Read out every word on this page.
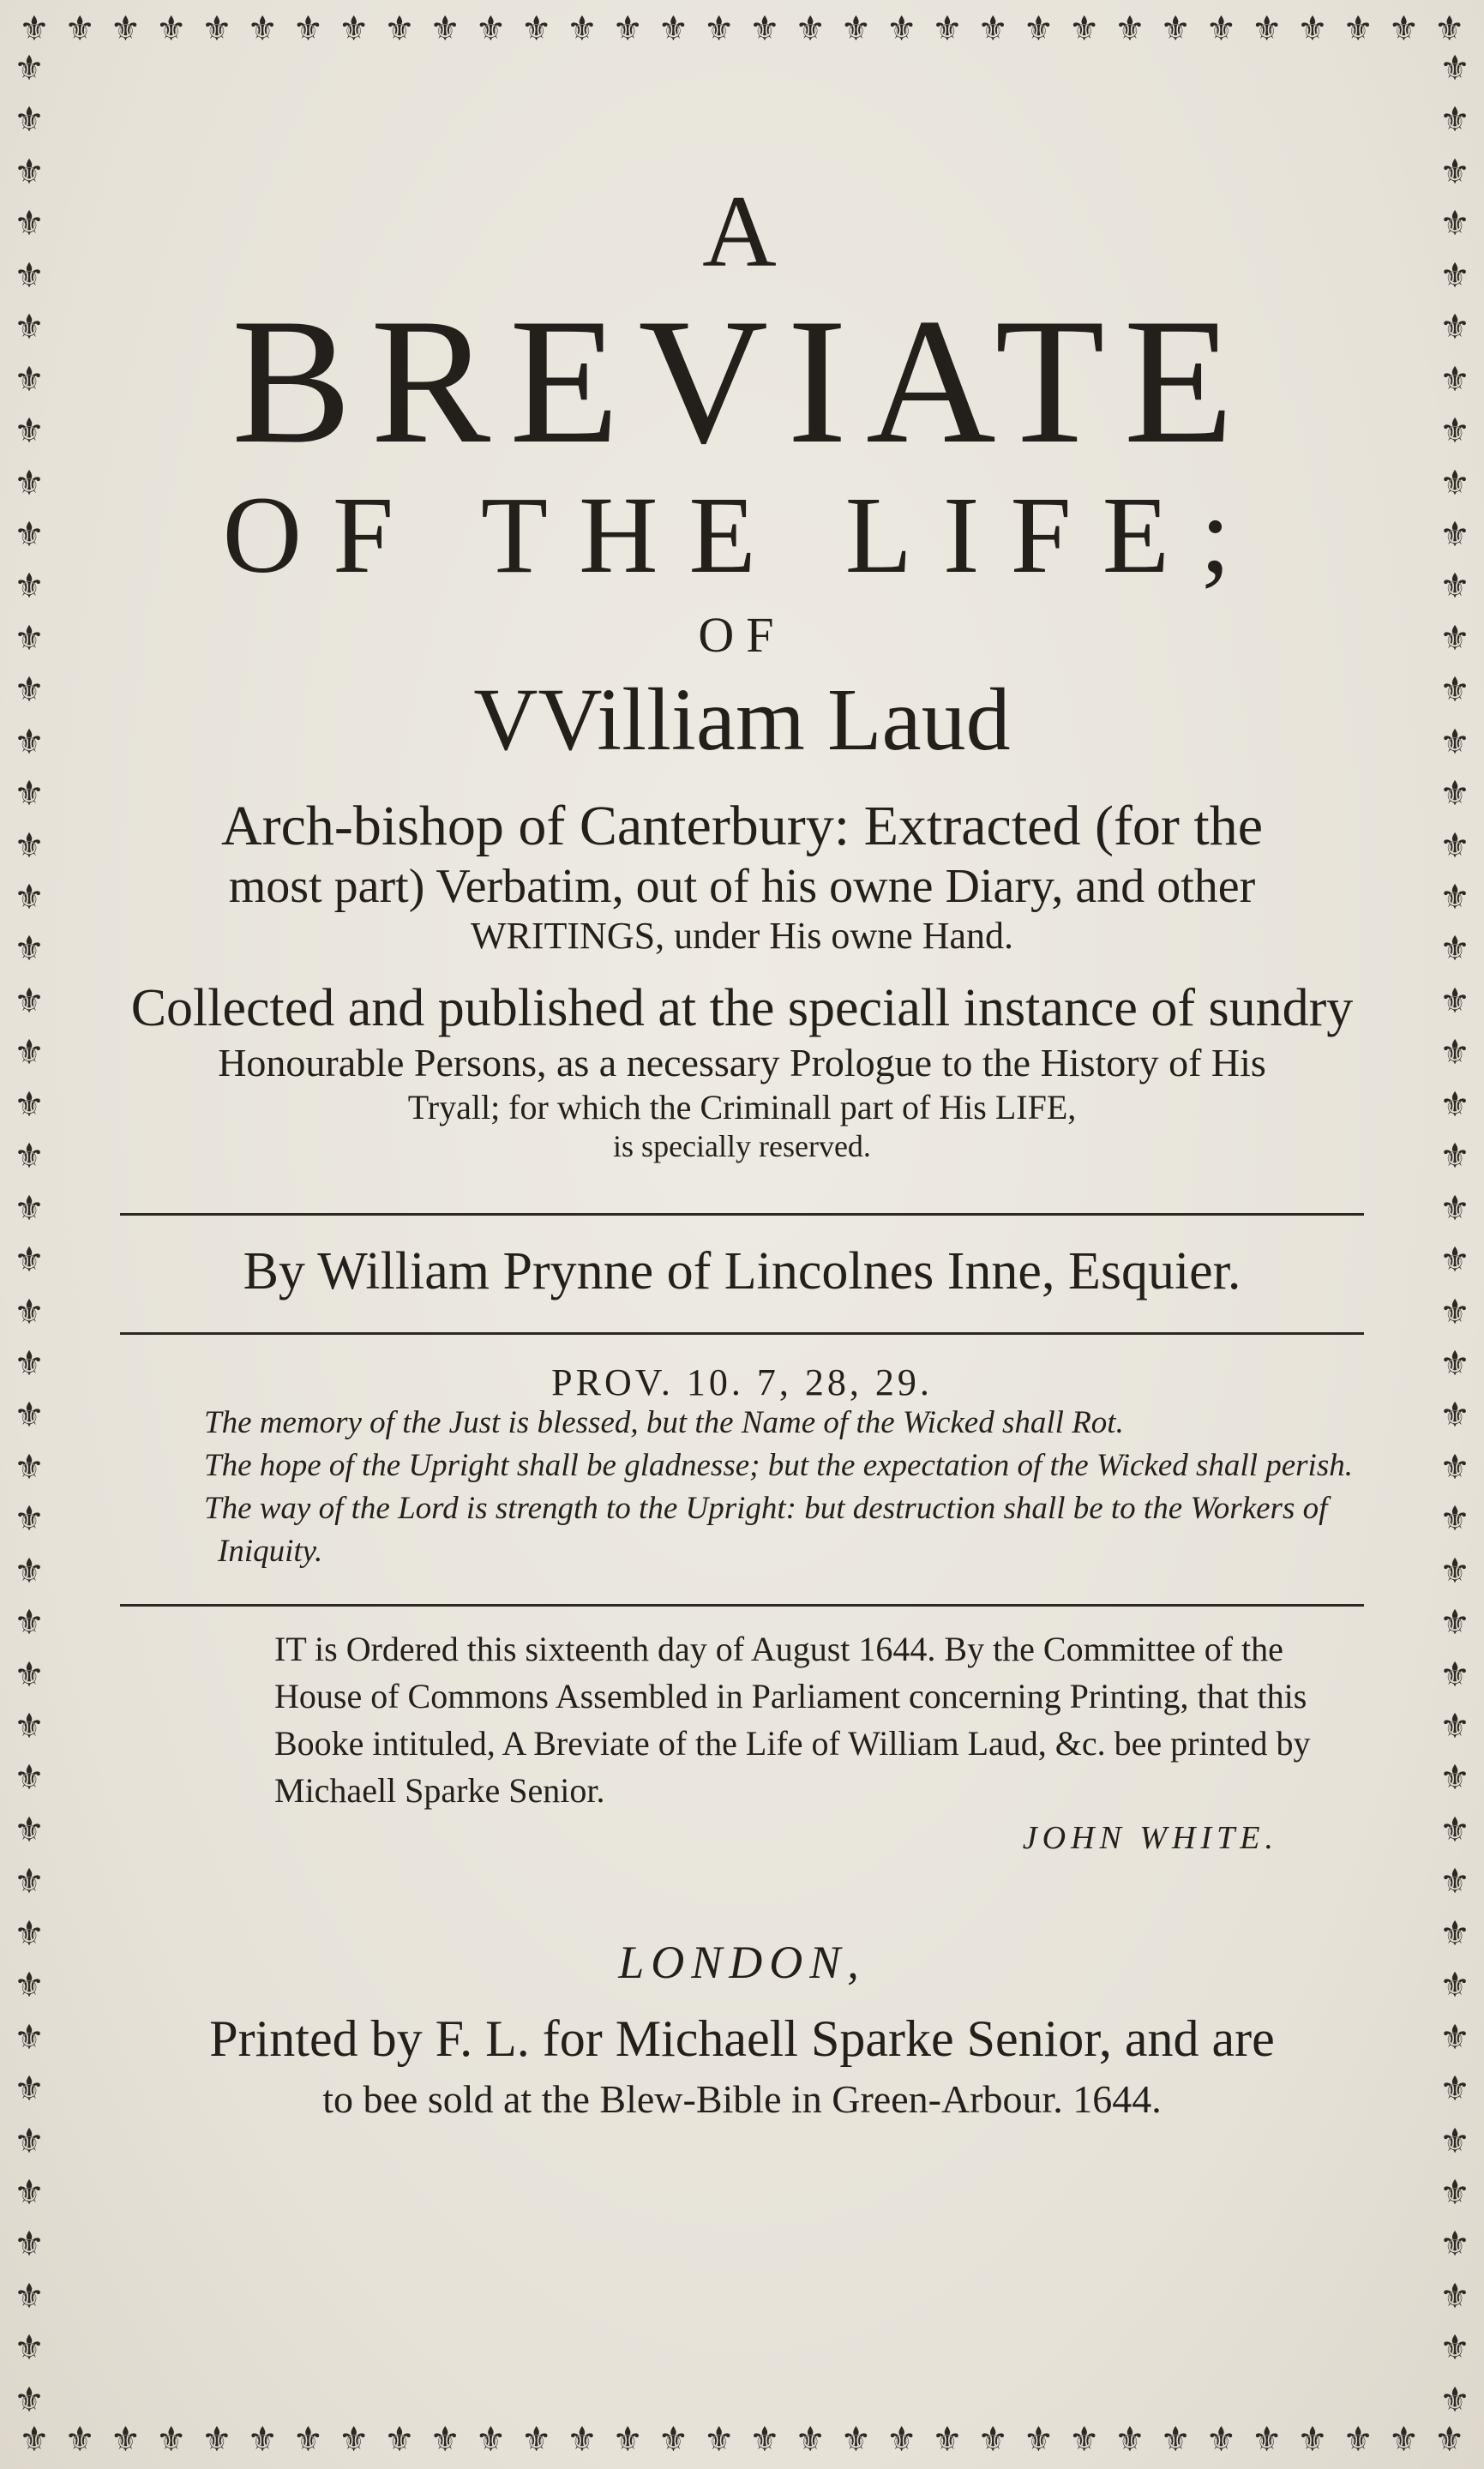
⚜ ⚜ ⚜ ⚜ ⚜ ⚜ ⚜ ⚜ ⚜ ⚜ ⚜ ⚜ ⚜ ⚜ ⚜ ⚜ ⚜ ⚜ ⚜ ⚜ ⚜ ⚜ ⚜ ⚜ ⚜ ⚜ ⚜ ⚜ ⚜ ⚜ ⚜ ⚜
⚜ ⚜ ⚜ ⚜ ⚜ ⚜ ⚜ ⚜ ⚜ ⚜ ⚜ ⚜ ⚜ ⚜ ⚜ ⚜ ⚜ ⚜ ⚜ ⚜ ⚜ ⚜ ⚜ ⚜ ⚜ ⚜ ⚜ ⚜ ⚜ ⚜ ⚜ ⚜
⚜
⚜
⚜
⚜
⚜
⚜
⚜
⚜
⚜
⚜
⚜
⚜
⚜
⚜
⚜
⚜
⚜
⚜
⚜
⚜
⚜
⚜
⚜
⚜
⚜
⚜
⚜
⚜
⚜
⚜
⚜
⚜
⚜
⚜
⚜
⚜
⚜
⚜
⚜
⚜
⚜
⚜
⚜
⚜
⚜
⚜
⚜
⚜
⚜
⚜
⚜
⚜
⚜
⚜
⚜
⚜
⚜
⚜
⚜
⚜
⚜
⚜
⚜
⚜
⚜
⚜
⚜
⚜
⚜
⚜
⚜
⚜
⚜
⚜
⚜
⚜
⚜
⚜
⚜
⚜
⚜
⚜
⚜
⚜
⚜
⚜
⚜
⚜
⚜
⚜
⚜
⚜
A
BREVIATE
OF THE LIFE;
OF
VVilliam Laud
Arch-bishop of Canterbury: Extracted (for the
most part) Verbatim, out of his owne Diary, and other
WRITINGS, under His owne Hand.
Collected and published at the speciall instance of sundry
Honourable Persons, as a necessary Prologue to the History of His
Tryall; for which the Criminall part of His LIFE,
is specially reserved.
By William Prynne of Lincolnes Inne, Esquier.
PROV. 10. 7, 28, 29.
The memory of the Just is blessed, but the Name of the Wicked shall Rot.
The hope of the Upright shall be gladnesse; but the expectation of the Wicked shall perish.
The way of the Lord is strength to the Upright: but destruction shall be to the Workers of Iniquity.
IT is Ordered this sixteenth day of August 1644. By the Committee of the House of Commons Assembled in Parliament concerning Printing, that this Booke intituled, A Breviate of the Life of William Laud, &c. bee printed by Michaell Sparke Senior.
JOHN WHITE.
LONDON,
Printed by F. L. for Michaell Sparke Senior, and are
to bee sold at the Blew-Bible in Green-Arbour. 1644.
